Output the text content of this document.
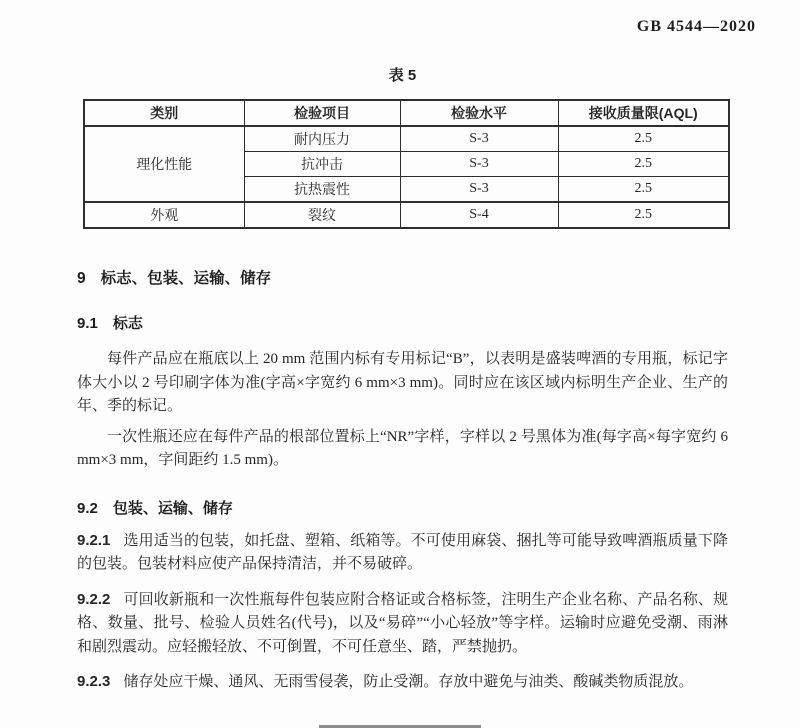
GB 4544—2020
表 5
类别	检验项目	检验水平	接收质量限(AQL)
理化性能	耐内压力	S-3	2.5
	抗冲击	S-3	2.5
	抗热震性	S-3	2.5
外观	裂纹	S-4	2.5
9 标志、包装、运输、储存
9.1 标志

每件产品应在瓶底以上 20 mm 范围内标有专用标记“B”，以表明是盛装啤酒的专用瓶，标记字体大小以 2 号印刷字体为准(字高×字宽约 6 mm×3 mm)。同时应在该区域内标明生产企业、生产的年、季的标记。

一次性瓶还应在每件产品的根部位置标上“NR”字样，字样以 2 号黑体为准(每字高×每字宽约 6 mm×3 mm，字间距约 1.5 mm)。

9.2 包装、运输、储存

9.2.1 选用适当的包装，如托盘、塑箱、纸箱等。不可使用麻袋、捆扎等可能导致啤酒瓶质量下降的包装。包装材料应使产品保持清洁，并不易破碎。

9.2.2 可回收新瓶和一次性瓶每件包装应附合格证或合格标签，注明生产企业名称、产品名称、规格、数量、批号、检验人员姓名(代号)，以及“易碎”“小心轻放”等字样。运输时应避免受潮、雨淋和剧烈震动。应轻搬轻放、不可倒置，不可任意坐、踏，严禁抛扔。

9.2.3 储存处应干燥、通风、无雨雪侵袭，防止受潮。存放中避免与油类、酸碱类物质混放。
